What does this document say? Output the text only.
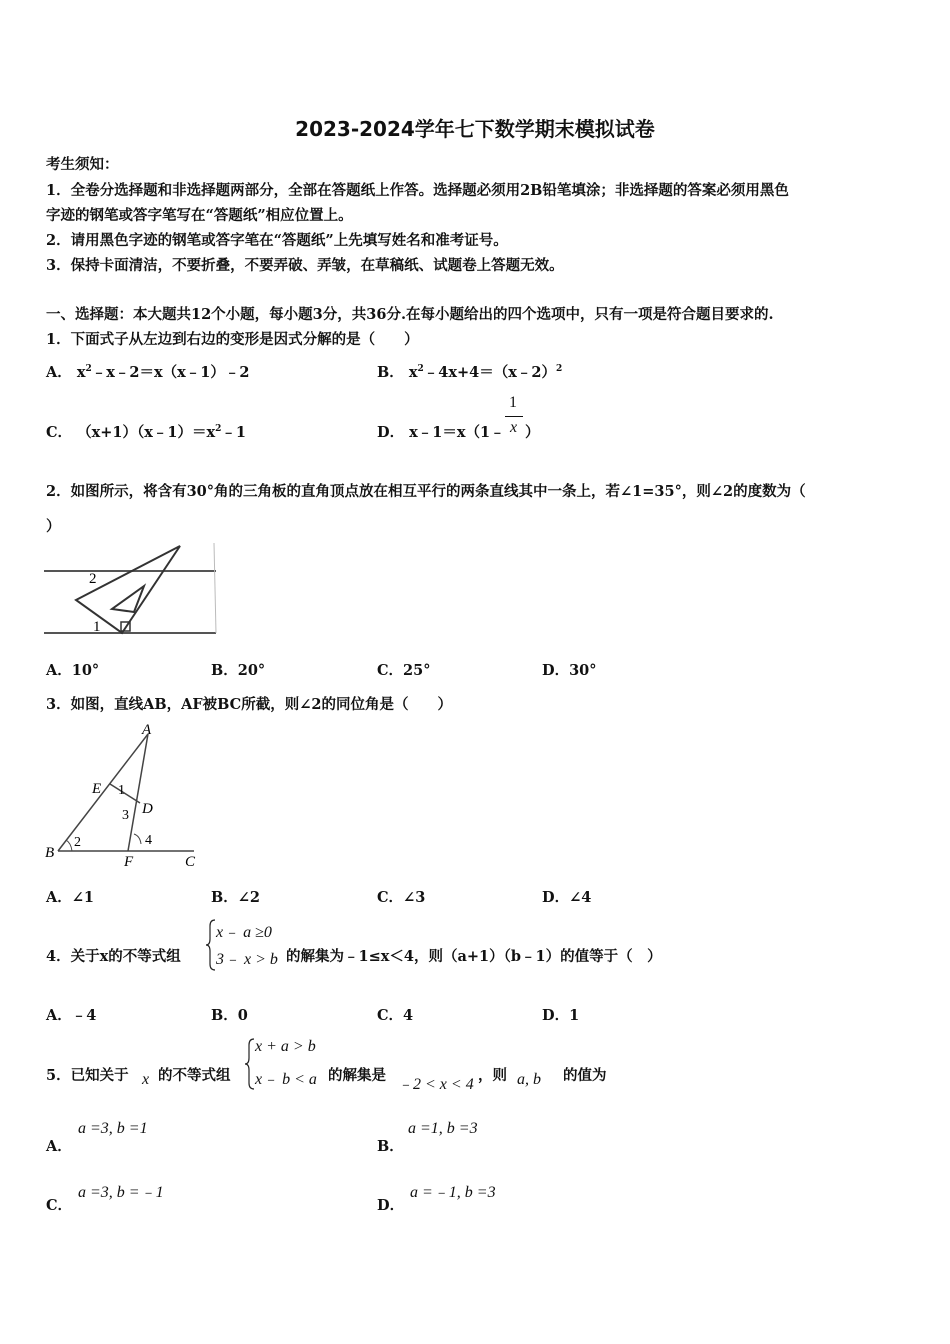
2023-2024学年七下数学期末模拟试卷
考生须知：
1．全卷分选择题和非选择题两部分，全部在答题纸上作答。选择题必须用2B铅笔填涂；非选择题的答案必须用黑色
字迹的钢笔或答字笔写在“答题纸”相应位置上。
2．请用黑色字迹的钢笔或答字笔在“答题纸”上先填写姓名和准考证号。
3．保持卡面清洁，不要折叠，不要弄破、弄皱，在草稿纸、试题卷上答题无效。
一、选择题：本大题共12个小题，每小题3分，共36分.在每小题给出的四个选项中，只有一项是符合题目要求的.
1．下面式子从左边到右边的变形是因式分解的是（　　）
A． $x^2﹣x﹣2=x(x﹣1)﹣2$	B． $x^2﹣4x+4=(x﹣2)^2$
C． $(x+1)(x﹣1)=x^2﹣1$	D． x﹣1＝x（1﹣
1
x ）
2．如图所示，将含有30°角的三角板的直角顶点放在相互平行的两条直线其中一条上，若∠1=35°，则∠2的度数为（
）
2
1
A．10°	B．20°	C．25°	D．30°
3．如图，直线AB，AF被BC所截，则∠2的同位角是（　　）
A
E
D
B
F	C
1
2
3
4
A．∠1	B．∠2	C．∠3	D．∠4
4．关于x的不等式组
x﹣ a ≥0
3﹣ x > b 的解集为﹣1≤x＜4，则（a+1）（b﹣1）的值等于（　）
A．﹣4	B．0	C．4	D．1
5．已知关于 x 的不等式组
x + a > b
x﹣ b < a 的解集是
﹣2 < x < 4
，则 a, b 的值为
A．
a =3, b =1
B．
a =1, b =3
C．
a =3, b =﹣1
D．
a =﹣1, b =3
